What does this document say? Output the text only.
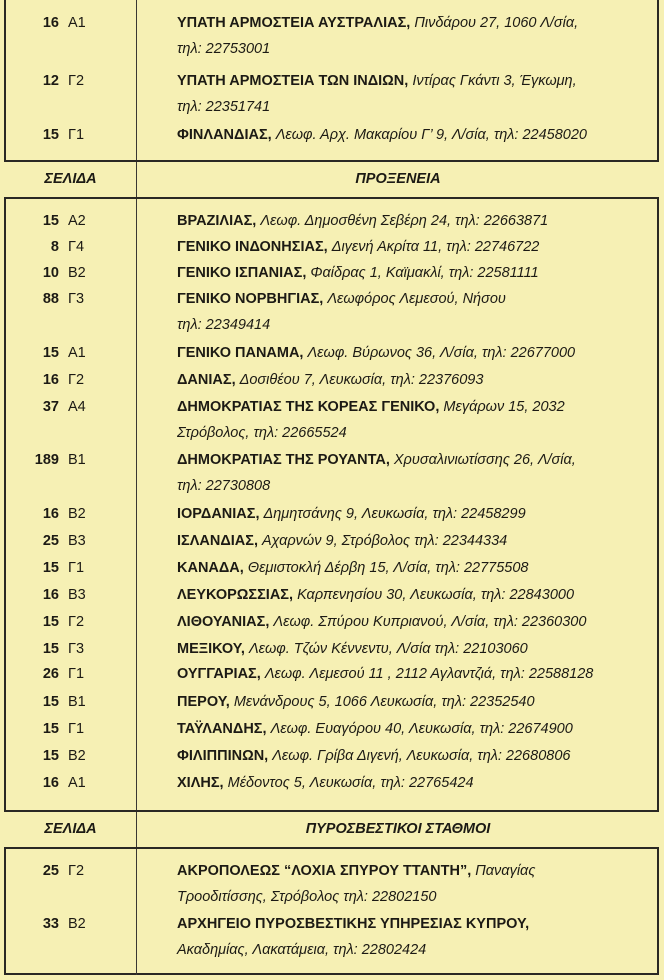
16 Α1	ΥΠΑΤΗ ΑΡΜΟΣΤΕΙΑ ΑΥΣΤΡΑΛΙΑΣ, Πινδάρου 27, 1060 Λ/σία,
τηλ: 22753001
12 Γ2	ΥΠΑΤΗ ΑΡΜΟΣΤΕΙΑ ΤΩΝ ΙΝΔΙΩΝ, Ιντίρας Γκάντι 3, Έγκωμη,
τηλ: 22351741
15 Γ1	ΦΙΝΛΑΝΔΙΑΣ, Λεωφ. Αρχ. Μακαρίου Γ’ 9, Λ/σία, τηλ: 22458020
ΣΕΛΙΔΑ	ΠΡΟΞΕΝΕΙΑ
15 Α2	ΒΡΑΖΙΛΙΑΣ, Λεωφ. Δημοσθένη Σεβέρη 24, τηλ: 22663871
8 Γ4	ΓΕΝΙΚΟ ΙΝΔΟΝΗΣΙΑΣ, Διγενή Ακρίτα 11, τηλ: 22746722
10 Β2	ΓΕΝΙΚΟ ΙΣΠΑΝΙΑΣ, Φαίδρας 1, Καϊμακλί, τηλ: 22581111
88 Γ3	ΓΕΝΙΚΟ ΝΟΡΒΗΓΙΑΣ, Λεωφόρος Λεμεσού, Νήσου
τηλ: 22349414
15 Α1	ΓΕΝΙΚΟ ΠΑΝΑΜΑ, Λεωφ. Βύρωνος 36, Λ/σία, τηλ: 22677000
16 Γ2	ΔΑΝΙΑΣ, Δοσιθέου 7, Λευκωσία, τηλ: 22376093
37 Α4	ΔΗΜΟΚΡΑΤΙΑΣ ΤΗΣ ΚΟΡΕΑΣ ΓΕΝΙΚΟ, Μεγάρων 15, 2032
Στρόβολος, τηλ: 22665524
189 Β1	ΔΗΜΟΚΡΑΤΙΑΣ ΤΗΣ ΡΟΥΑΝΤΑ, Χρυσαλινιωτίσσης 26, Λ/σία,
τηλ: 22730808
16 Β2	ΙΟΡΔΑΝΙΑΣ, Δημητσάνης 9, Λευκωσία, τηλ: 22458299
25 Β3	ΙΣΛΑΝΔΙΑΣ, Αχαρνών 9, Στρόβολος τηλ: 22344334
15 Γ1	ΚΑΝΑΔΑ, Θεμιστοκλή Δέρβη 15, Λ/σία, τηλ: 22775508
16 Β3	ΛΕΥΚΟΡΩΣΣΙΑΣ, Καρπενησίου 30, Λευκωσία, τηλ: 22843000
15 Γ2	ΛΙΘΟΥΑΝΙΑΣ, Λεωφ. Σπύρου Κυπριανού, Λ/σία, τηλ: 22360300
15 Γ3	ΜΕΞΙΚΟΥ, Λεωφ. Τζών Κέννεντυ, Λ/σία τηλ: 22103060
26 Γ1	ΟΥΓΓΑΡΙΑΣ, Λεωφ. Λεμεσού 11 , 2112 Αγλαντζιά, τηλ: 22588128
15 Β1	ΠΕΡΟΥ, Μενάνδρους 5, 1066 Λευκωσία, τηλ: 22352540
15 Γ1	ΤΑΫΛΑΝΔΗΣ, Λεωφ. Ευαγόρου 40, Λευκωσία, τηλ: 22674900
15 Β2	ΦΙΛΙΠΠΙΝΩΝ, Λεωφ. Γρίβα Διγενή, Λευκωσία, τηλ: 22680806
16 Α1	ΧΙΛΗΣ, Μέδοντος 5, Λευκωσία, τηλ: 22765424
ΣΕΛΙΔΑ	ΠΥΡΟΣΒΕΣΤΙΚΟΙ ΣΤΑΘΜΟΙ
25 Γ2	ΑΚΡΟΠΟΛΕΩΣ “ΛΟΧΙΑ ΣΠΥΡΟΥ ΤΤΑΝΤΗ”, Παναγίας
Τροοδιτίσσης, Στρόβολος τηλ: 22802150
33 Β2	ΑΡΧΗΓΕΙΟ ΠΥΡΟΣΒΕΣΤΙΚΗΣ ΥΠΗΡΕΣΙΑΣ ΚΥΠΡΟΥ,
Ακαδημίας, Λακατάμεια, τηλ: 22802424
